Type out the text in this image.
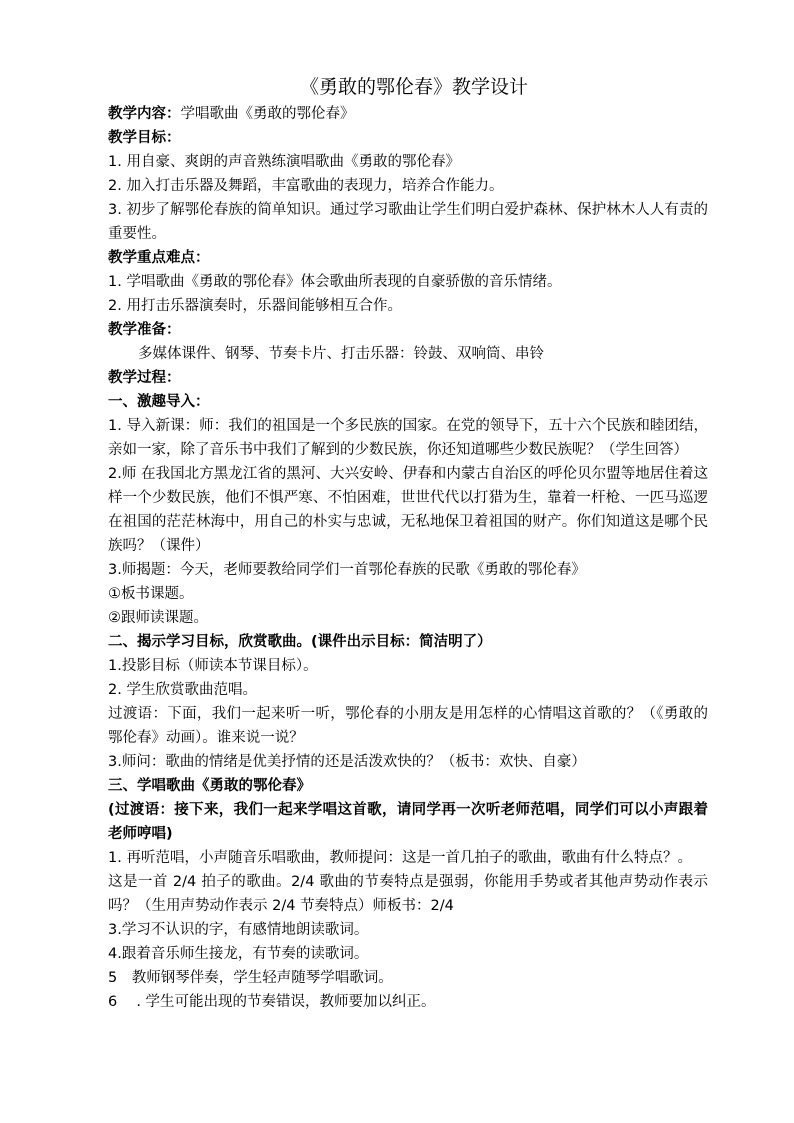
《勇敢的鄂伦春》教学设计
教学内容：学唱歌曲《勇敢的鄂伦春》
教学目标：
1. 用自豪、爽朗的声音熟练演唱歌曲《勇敢的鄂伦春》
2. 加入打击乐器及舞蹈，丰富歌曲的表现力，培养合作能力。
3. 初步了解鄂伦春族的简单知识。通过学习歌曲让学生们明白爱护森林、保护林木人人有责的重要性。
教学重点难点：
1. 学唱歌曲《勇敢的鄂伦春》体会歌曲所表现的自豪骄傲的音乐情绪。
2. 用打击乐器演奏时，乐器间能够相互合作。
教学准备：
多媒体课件、钢琴、节奏卡片、打击乐器：铃鼓、双响筒、串铃
教学过程：
一、激趣导入：
1. 导入新课：师：我们的祖国是一个多民族的国家。在党的领导下，五十六个民族和睦团结，亲如一家，除了音乐书中我们了解到的少数民族，你还知道哪些少数民族呢？（学生回答）
2.师 在我国北方黑龙江省的黑河、大兴安岭、伊春和内蒙古自治区的呼伦贝尔盟等地居住着这样一个少数民族，他们不惧严寒、不怕困难，世世代代以打猎为生，靠着一杆枪、一匹马巡逻在祖国的茫茫林海中，用自己的朴实与忠诚，无私地保卫着祖国的财产。你们知道这是哪个民族吗？（课件）
3.师揭题：今天，老师要教给同学们一首鄂伦春族的民歌《勇敢的鄂伦春》
①板书课题。
②跟师读课题。
二、揭示学习目标，欣赏歌曲。(课件出示目标：简洁明了）
1.投影目标（师读本节课目标）。
2. 学生欣赏歌曲范唱。
过渡语：下面，我们一起来听一听，鄂伦春的小朋友是用怎样的心情唱这首歌的？（《勇敢的鄂伦春》动画）。谁来说一说？
3.师问：歌曲的情绪是优美抒情的还是活泼欢快的？（板书：欢快、自豪）
三、学唱歌曲《勇敢的鄂伦春》
(过渡语：接下来，我们一起来学唱这首歌，请同学再一次听老师范唱，同学们可以小声跟着老师哼唱)
1. 再听范唱，小声随音乐唱歌曲，教师提问：这是一首几拍子的歌曲，歌曲有什么特点？。
这是一首 2/4 拍子的歌曲。2/4 歌曲的节奏特点是强弱，你能用手势或者其他声势动作表示吗？（生用声势动作表示 2/4 节奏特点）师板书：2/4
3.学习不认识的字，有感情地朗读歌词。
4.跟着音乐师生接龙，有节奏的读歌词。
5　教师钢琴伴奏，学生轻声随琴学唱歌词。
6　 . 学生可能出现的节奏错误，教师要加以纠正。
